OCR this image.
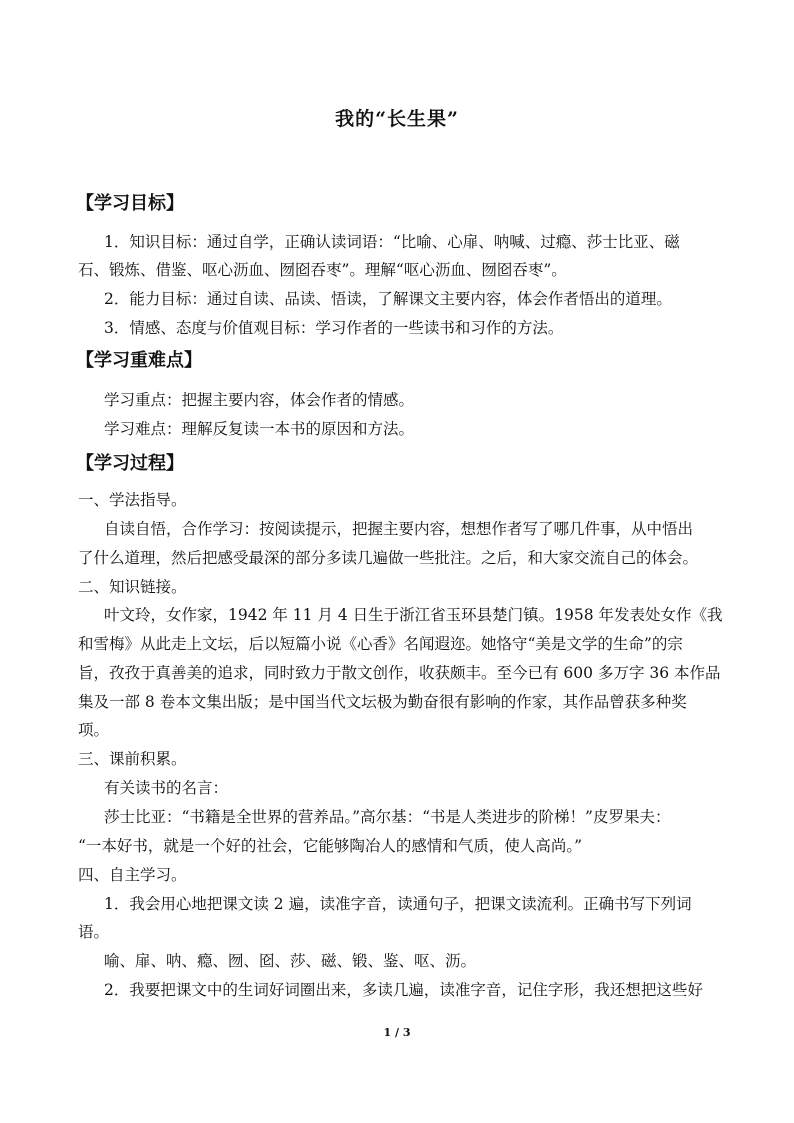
我的“长生果”
【学习目标】
1．知识目标：通过自学，正确认读词语：“比喻、心扉、呐喊、过瘾、莎士比亚、磁
石、锻炼、借鉴、呕心沥血、囫囵吞枣”。理解“呕心沥血、囫囵吞枣”。
2．能力目标：通过自读、品读、悟读，了解课文主要内容，体会作者悟出的道理。
3．情感、态度与价值观目标：学习作者的一些读书和习作的方法。
【学习重难点】
学习重点：把握主要内容，体会作者的情感。
学习难点：理解反复读一本书的原因和方法。
【学习过程】
一、学法指导。
自读自悟，合作学习：按阅读提示，把握主要内容，想想作者写了哪几件事，从中悟出
了什么道理，然后把感受最深的部分多读几遍做一些批注。之后，和大家交流自己的体会。
二、知识链接。
叶文玲，女作家，1942 年 11 月 4 日生于浙江省玉环县楚门镇。1958 年发表处女作《我
和雪梅》从此走上文坛，后以短篇小说《心香》名闻遐迩。她恪守“美是文学的生命”的宗
旨，孜孜于真善美的追求，同时致力于散文创作，收获颇丰。至今已有 600 多万字 36 本作品
集及一部 8 卷本文集出版；是中国当代文坛极为勤奋很有影响的作家，其作品曾获多种奖
项。
三、课前积累。
有关读书的名言：
莎士比亚：“书籍是全世界的营养品。”高尔基：“书是人类进步的阶梯！”皮罗果夫：
“一本好书，就是一个好的社会，它能够陶冶人的感情和气质，使人高尚。”
四、自主学习。
1．我会用心地把课文读 2 遍，读准字音，读通句子，把课文读流利。正确书写下列词
语。
喻、扉、呐、瘾、囫、囵、莎、磁、锻、鉴、呕、沥。
2．我要把课文中的生词好词圈出来，多读几遍，读准字音，记住字形，我还想把这些好
1 / 3
